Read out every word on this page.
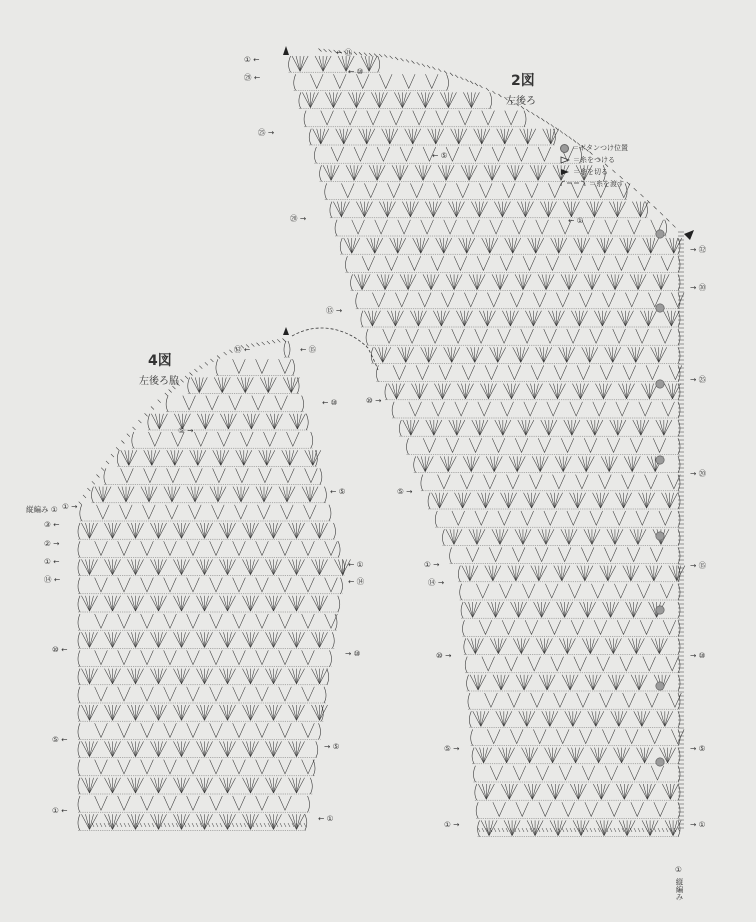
2図
左後ろ
4図
左後ろ脇
＝ボタンつけ位置
＝糸をつける
＝糸を切る
＝糸を渡す
① ←
㉘ ←
㉕ →
⑳ →
⑮ →
⑩ →
⑤ →
① →
⑭ →
⑩ →
⑤ →
① →
← ⑪
← ⑩
← ⑤
← ①
→ ㉜
→ ㉚
→ ㉕
→ ⑳
→ ⑮
→ ⑩
→ ⑤
→ ①
①
縦編み
⑬ ←	← ⑮
← ⑩
⑤ →
← ⑤
縦編み ① ① →
③ ←
② →
① ←
⑭ ←
⑩ ←
⑤ ←
① ←
← ①
← ⑭
→ ⑩
→ ⑤
← ①
